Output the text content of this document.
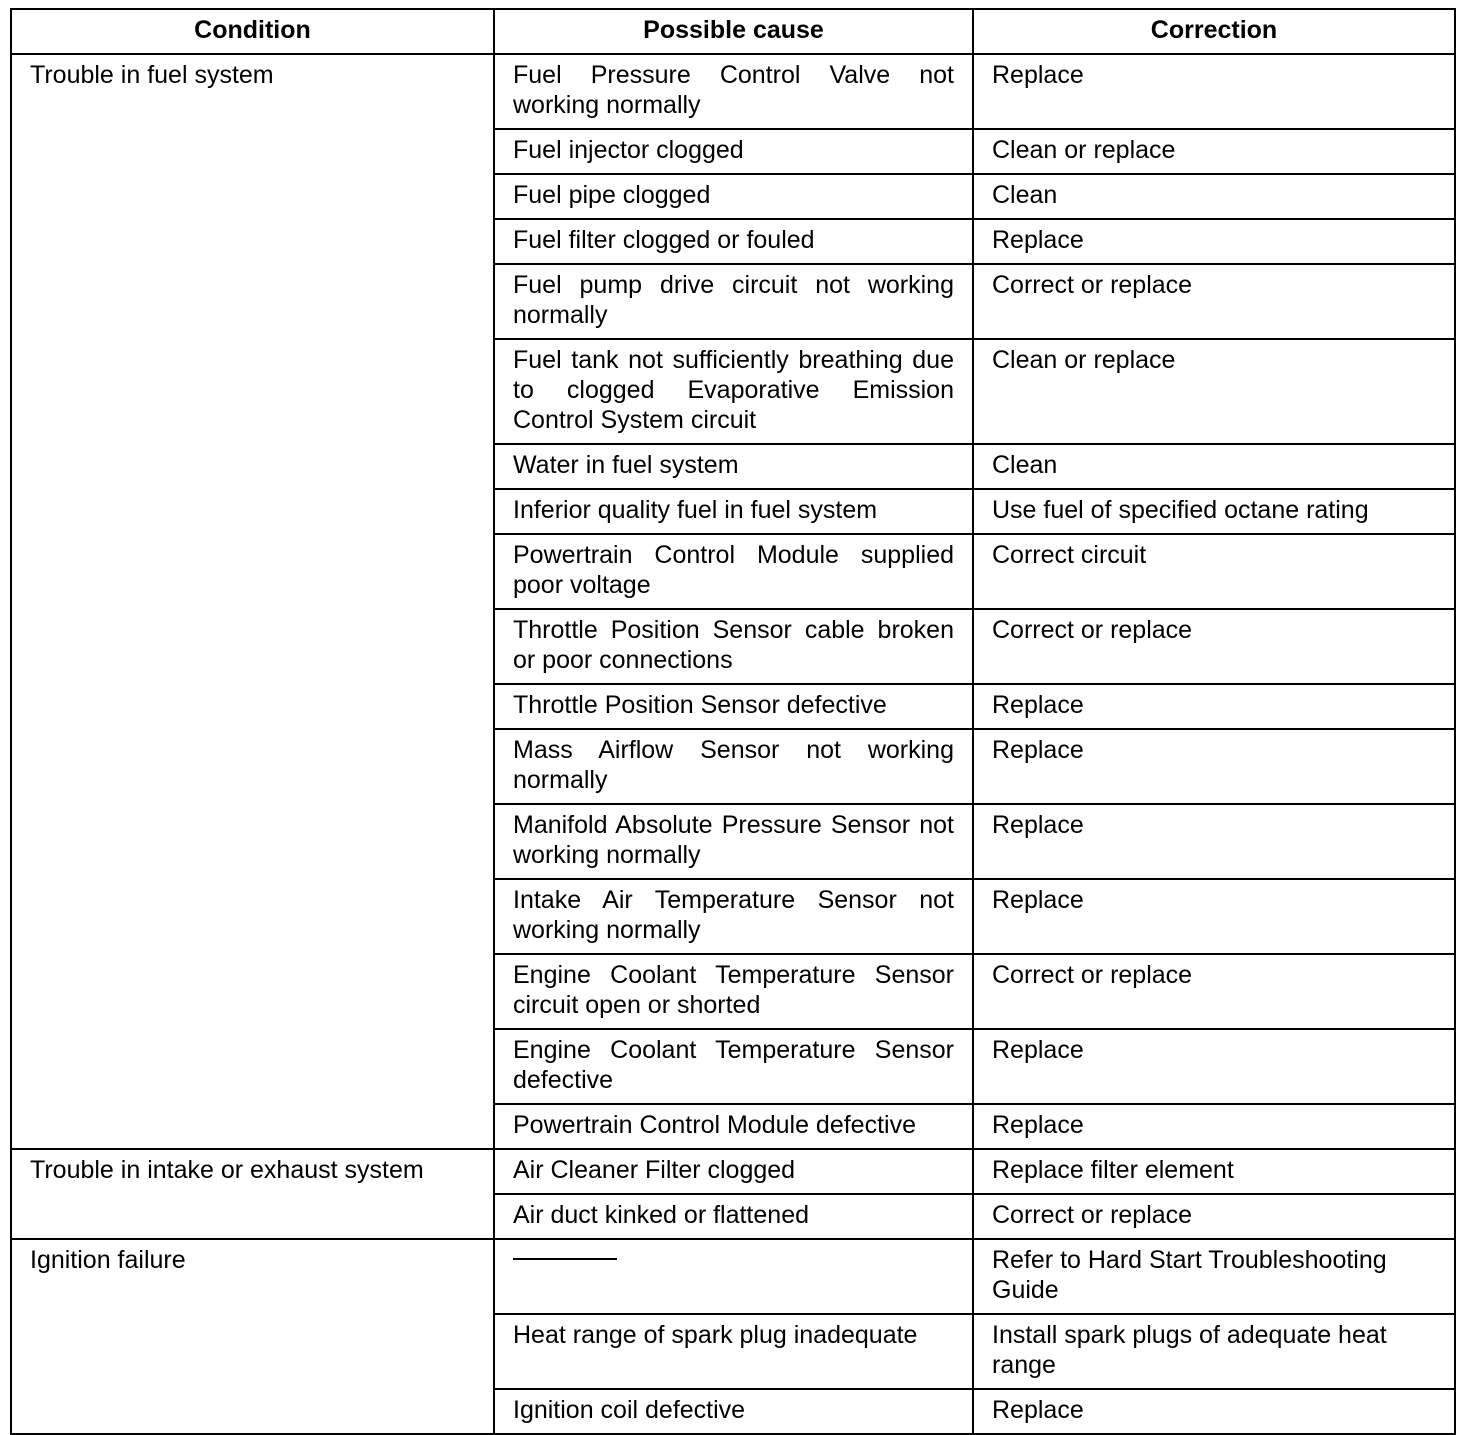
Condition	Possible cause	Correction
Trouble in fuel system	Fuel Pressure Control Valve not working normally	Replace
	Fuel injector clogged	Clean or replace
	Fuel pipe clogged	Clean
	Fuel filter clogged or fouled	Replace
	Fuel pump drive circuit not working normally	Correct or replace
	Fuel tank not sufficiently breathing due to clogged Evaporative Emission Control System circuit	Clean or replace
	Water in fuel system	Clean
	Inferior quality fuel in fuel system	Use fuel of specified octane rating
	Powertrain Control Module supplied poor voltage	Correct circuit
	Throttle Position Sensor cable broken or poor connections	Correct or replace
	Throttle Position Sensor defective	Replace
	Mass Airflow Sensor not working normally	Replace
	Manifold Absolute Pressure Sensor not working normally	Replace
	Intake Air Temperature Sensor not working normally	Replace
	Engine Coolant Temperature Sensor circuit open or shorted	Correct or replace
	Engine Coolant Temperature Sensor defective	Replace
	Powertrain Control Module defective	Replace
Trouble in intake or exhaust system	Air Cleaner Filter clogged	Replace filter element
	Air duct kinked or flattened	Correct or replace
Ignition failure		Refer to Hard Start Troubleshooting Guide
	Heat range of spark plug inadequate	Install spark plugs of adequate heat range
	Ignition coil defective	Replace
